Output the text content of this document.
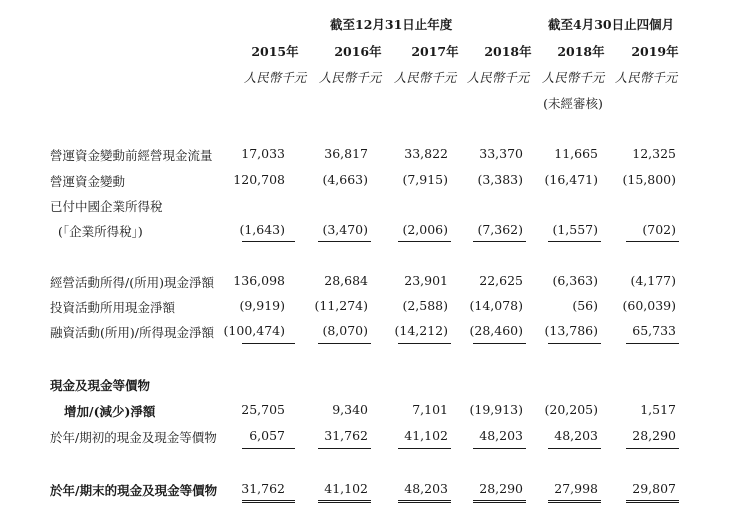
截至12月31日止年度	截至4月30日止四個月
2015年	2016年 2017年 2018年 2018年 2019年
人民幣千元 人民幣千元 人民幣千元 人民幣千元 人民幣千元 人民幣千元
(未經審核)
營運資金變動前經營現金流量	17,033	36,817	33,822	33,370	11,665	12,325
營運資金變動	120,708	(4,663)	(7,915)	(3,383)	(16,471)	(15,800)
已付中國企業所得稅
(「企業所得稅」)	(1,643)	(3,470)	(2,006)	(7,362)	(1,557)	(702)
經營活動所得/(所用)現金淨額	136,098	28,684	23,901	22,625	(6,363)	(4,177)
投資活動所用現金淨額	(9,919)	(11,274)	(2,588)	(14,078)	(56)	(60,039)
融資活動(所用)/所得現金淨額 (100,474)	(8,070)	(14,212)	(28,460)	(13,786)	65,733
現金及現金等價物
增加/(減少)淨額	25,705	9,340	7,101	(19,913)	(20,205)	1,517
於年/期初的現金及現金等價物	6,057	31,762	41,102	48,203	48,203	28,290
於年/期末的現金及現金等價物	31,762	41,102	48,203	28,290	27,998	29,807
